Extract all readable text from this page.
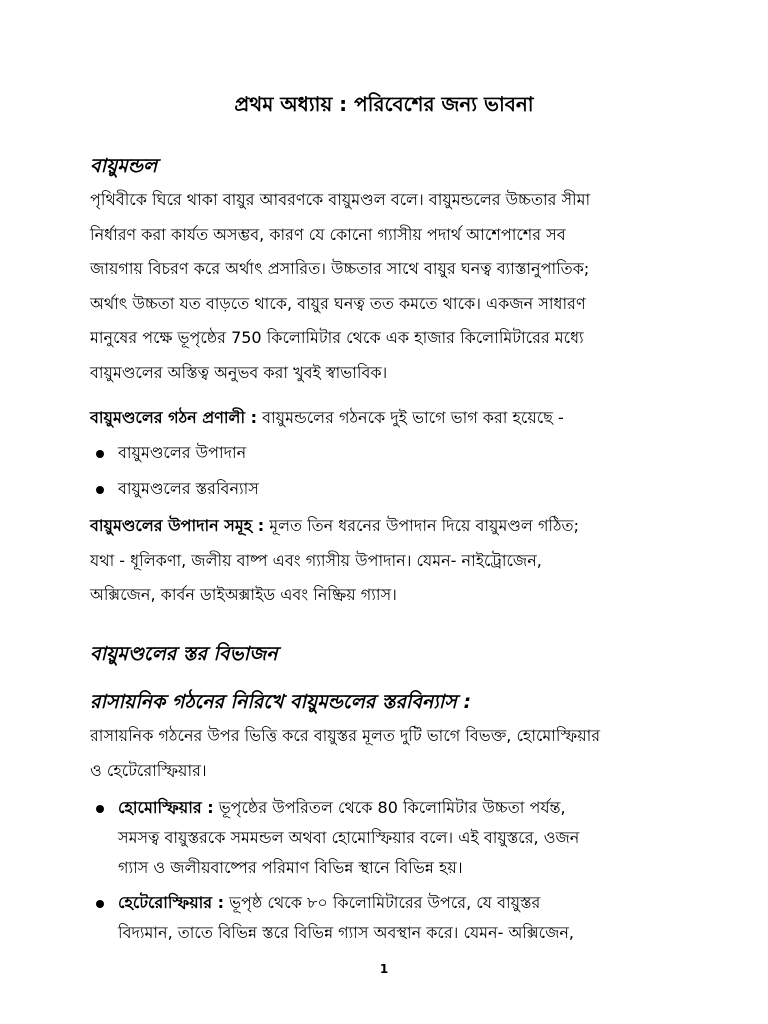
প্রথম অধ্যায় : পরিবেশের জন্য ভাবনা
বায়ুমন্ডল
পৃথিবীকে ঘিরে থাকা বায়ুর আবরণকে বায়ুমণ্ডল বলে। বায়ুমন্ডলের উচ্চতার সীমা
নির্ধারণ করা কার্যত অসম্ভব, কারণ যে কোনো গ্যাসীয় পদার্থ আশেপাশের সব
জায়গায় বিচরণ করে অর্থাৎ প্রসারিত। উচ্চতার সাথে বায়ুর ঘনত্ব ব্যাস্তানুপাতিক;
অর্থাৎ উচ্চতা যত বাড়তে থাকে, বায়ুর ঘনত্ব তত কমতে থাকে। একজন সাধারণ
মানুষের পক্ষে ভূপৃষ্ঠের 750 কিলোমিটার থেকে এক হাজার কিলোমিটারের মধ্যে
বায়ুমণ্ডলের অস্তিত্ব অনুভব করা খুবই স্বাভাবিক।
বায়ুমণ্ডলের গঠন প্রণালী : বায়ুমন্ডলের গঠনকে দুই ভাগে ভাগ করা হয়েছে -
বায়ুমণ্ডলের উপাদান
বায়ুমণ্ডলের স্তরবিন্যাস
বায়ুমণ্ডলের উপাদান সমূহ : মূলত তিন ধরনের উপাদান দিয়ে বায়ুমণ্ডল গঠিত;
যথা - ধূলিকণা, জলীয় বাষ্প এবং গ্যাসীয় উপাদান। যেমন- নাইট্রোজেন,
অক্সিজেন, কার্বন ডাইঅক্সাইড এবং নিষ্ক্রিয় গ্যাস।
বায়ুমণ্ডলের স্তর বিভাজন
রাসায়নিক গঠনের নিরিখে বায়ুমন্ডলের স্তরবিন্যাস :
রাসায়নিক গঠনের উপর ভিত্তি করে বায়ুস্তর মূলত দুটি ভাগে বিভক্ত, হোমোস্ফিয়ার
ও হেটেরোস্ফিয়ার।
হোমোস্ফিয়ার : ভূপৃষ্ঠের উপরিতল থেকে 80 কিলোমিটার উচ্চতা পর্যন্ত,
সমসত্ব বায়ুস্তরকে সমমন্ডল অথবা হোমোস্ফিয়ার বলে। এই বায়ুস্তরে, ওজন
গ্যাস ও জলীয়বাষ্পের পরিমাণ বিভিন্ন স্থানে বিভিন্ন হয়।
হেটেরোস্ফিয়ার : ভূপৃষ্ঠ থেকে ৮০ কিলোমিটারের উপরে, যে বায়ুস্তর
বিদ্যমান, তাতে বিভিন্ন স্তরে বিভিন্ন গ্যাস অবস্থান করে। যেমন- অক্সিজেন,
1
